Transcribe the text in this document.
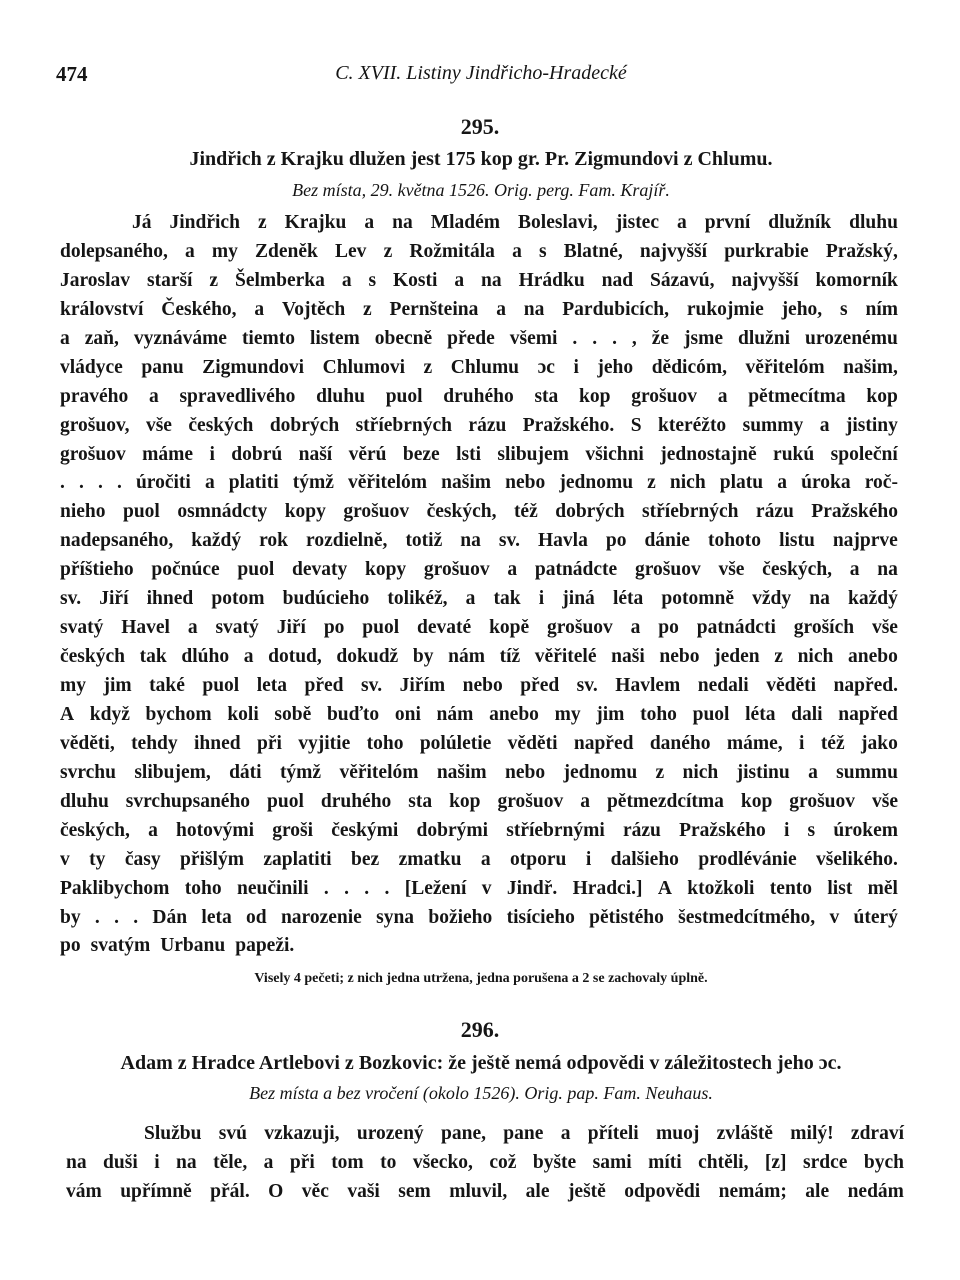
474	C. XVII. Listiny Jindřicho-Hradecké
295.
Jindřich z Krajku dlužen jest 175 kop gr. Pr. Zigmundovi z Chlumu.
Bez místa, 29. května 1526. Orig. perg. Fam. Krajíř.
Já Jindřich z Krajku a na Mladém Boleslavi, jistec a první dlužník dluhu
dolepsaného, a my Zdeněk Lev z Rožmitála a s Blatné, najvyšší purkrabie Pražský,
Jaroslav starší z Šelmberka a s Kosti a na Hrádku nad Sázavú, najvyšší komorník
království Českého, a Vojtěch z Pernšteina a na Pardubicích, rukojmie jeho, s ním
a zaň, vyznáváme tiemto listem obecně přede všemi . . . , že jsme dlužni urozenému
vládyce panu Zigmundovi Chlumovi z Chlumu ɔc i jeho dědicóm, věřitelóm našim,
pravého a spravedlivého dluhu puol druhého sta kop grošuov a pětmecítma kop
grošuov, vše českých dobrých stříebrných rázu Pražského. S kteréžto summy a jistiny
grošuov máme i dobrú naší věrú beze lsti slibujem všichni jednostajně rukú společní
. . . . úročiti a platiti týmž věřitelóm našim nebo jednomu z nich platu a úroka roč-
nieho puol osmnádcty kopy grošuov českých, též dobrých stříebrných rázu Pražského
nadepsaného, každý rok rozdielně, totiž na sv. Havla po dánie tohoto listu najprve
příštieho počnúce puol devaty kopy grošuov a patnádcte grošuov vše českých, a na
sv. Jiří ihned potom budúcieho tolikéž, a tak i jiná léta potomně vždy na každý
svatý Havel a svatý Jiří po puol devaté kopě grošuov a po patnádcti groších vše
českých tak dlúho a dotud, dokudž by nám tíž věřitelé naši nebo jeden z nich anebo
my jim také puol leta před sv. Jiřím nebo před sv. Havlem nedali věděti napřed.
A když bychom koli sobě buďto oni nám anebo my jim toho puol léta dali napřed
věděti, tehdy ihned při vyjitie toho polúletie věděti napřed daného máme, i též jako
svrchu slibujem, dáti týmž věřitelóm našim nebo jednomu z nich jistinu a summu
dluhu svrchupsaného puol druhého sta kop grošuov a pětmezdcítma kop grošuov vše
českých, a hotovými groši českými dobrými stříebrnými rázu Pražského i s úrokem
v ty časy přišlým zaplatiti bez zmatku a otporu i dalšieho prodlévánie všelikého.
Paklibychom toho neučinili . . . . [Ležení v Jindř. Hradci.] A ktožkoli tento list měl
by . . . Dán leta od narozenie syna božieho tisícieho pětistého šestmedcítmého, v úterý
po svatým Urbanu papeži.
Visely 4 pečeti; z nich jedna utržena, jedna porušena a 2 se zachovaly úplně.
296.
Adam z Hradce Artlebovi z Bozkovic: že ještě nemá odpovědi v záležitostech jeho ɔc.
Bez místa a bez vročení (okolo 1526). Orig. pap. Fam. Neuhaus.
Službu svú vzkazuji, urozený pane, pane a příteli muoj zvláště milý! zdraví
na duši i na těle, a při tom to všecko, což byšte sami míti chtěli, [z] srdce bych
vám upřímně přál. O věc vaši sem mluvil, ale ještě odpovědi nemám; ale nedám
